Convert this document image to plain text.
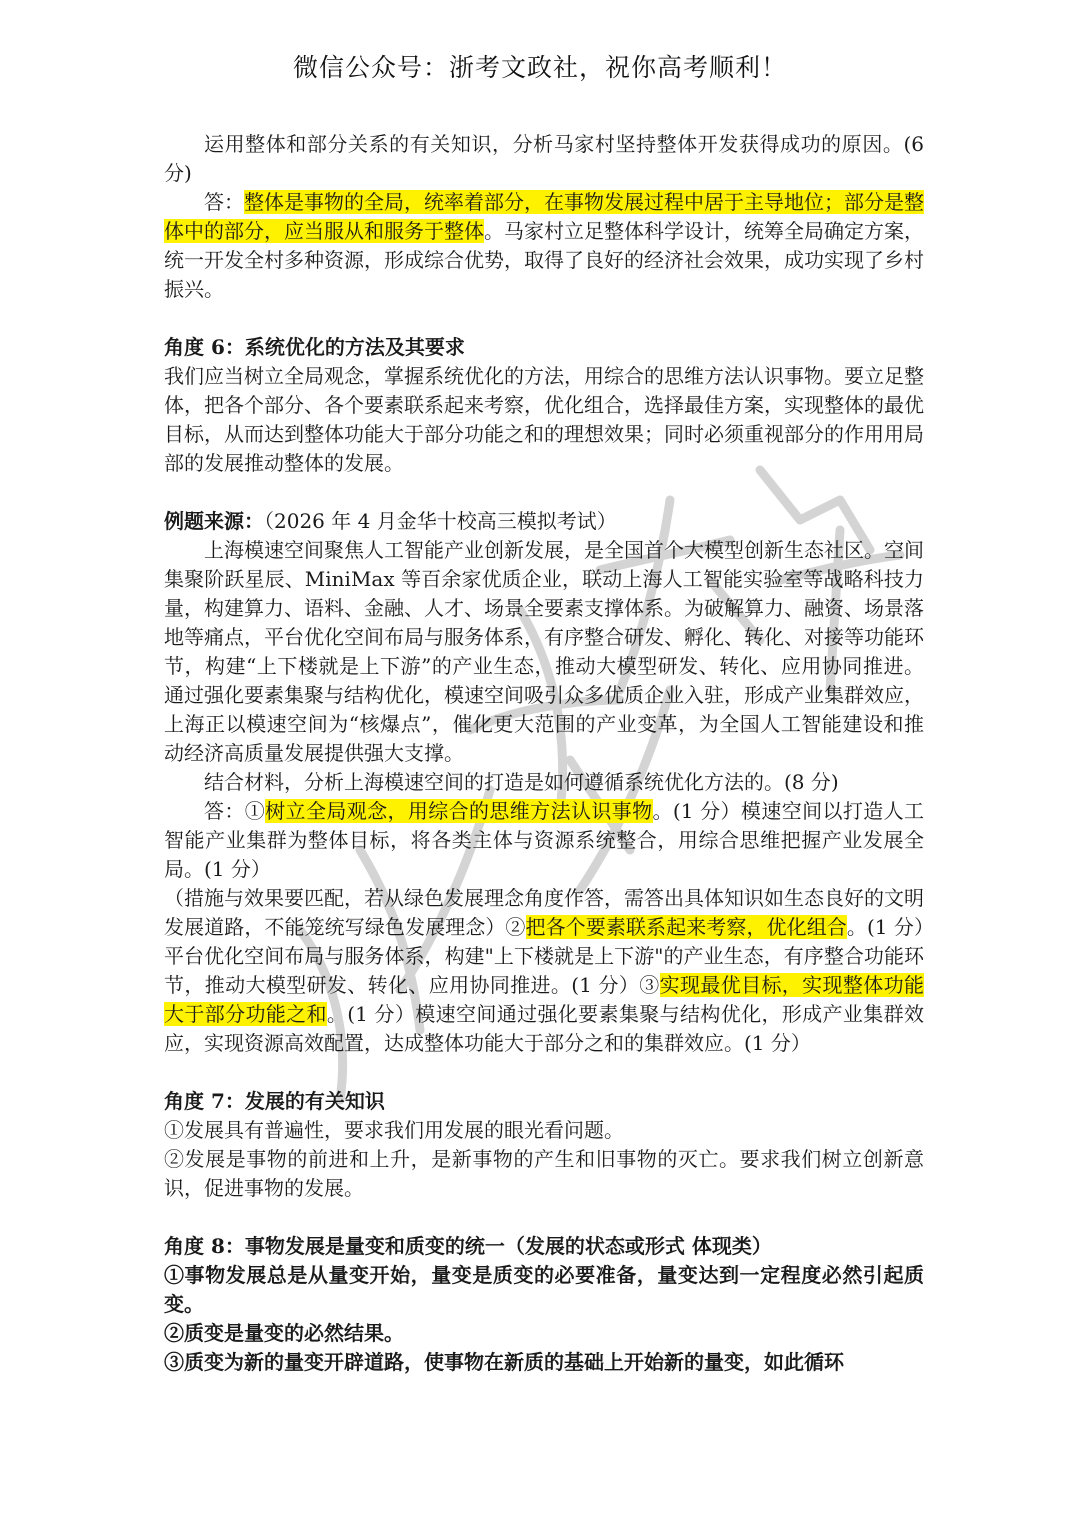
微信公众号：浙考文政社，祝你高考顺利！

运用整体和部分关系的有关知识，分析马家村坚持整体开发获得成功的原因。(6 分)

答：整体是事物的全局，统率着部分，在事物发展过程中居于主导地位；部分是整体中的部分，应当服从和服务于整体。马家村立足整体科学设计，统筹全局确定方案，统一开发全村多种资源，形成综合优势，取得了良好的经济社会效果，成功实现了乡村振兴。

角度 6：系统优化的方法及其要求

我们应当树立全局观念，掌握系统优化的方法，用综合的思维方法认识事物。要立足整体，把各个部分、各个要素联系起来考察，优化组合，选择最佳方案，实现整体的最优目标，从而达到整体功能大于部分功能之和的理想效果；同时必须重视部分的作用用局部的发展推动整体的发展。

例题来源：（2026 年 4 月金华十校高三模拟考试）

上海模速空间聚焦人工智能产业创新发展，是全国首个大模型创新生态社区。空间集聚阶跃星辰、MiniMax 等百余家优质企业，联动上海人工智能实验室等战略科技力量，构建算力、语料、金融、人才、场景全要素支撑体系。为破解算力、融资、场景落地等痛点，平台优化空间布局与服务体系，有序整合研发、孵化、转化、对接等功能环节，构建“上下楼就是上下游”的产业生态，推动大模型研发、转化、应用协同推进。通过强化要素集聚与结构优化，模速空间吸引众多优质企业入驻，形成产业集群效应，上海正以模速空间为“核爆点”，催化更大范围的产业变革，为全国人工智能建设和推动经济高质量发展提供强大支撑。

结合材料，分析上海模速空间的打造是如何遵循系统优化方法的。(8 分)

答：①树立全局观念，用综合的思维方法认识事物。(1 分）模速空间以打造人工智能产业集群为整体目标，将各类主体与资源系统整合，用综合思维把握产业发展全局。(1 分）

（措施与效果要匹配，若从绿色发展理念角度作答，需答出具体知识如生态良好的文明发展道路，不能笼统写绿色发展理念）②把各个要素联系起来考察，优化组合。(1 分）平台优化空间布局与服务体系，构建"上下楼就是上下游"的产业生态，有序整合功能环节，推动大模型研发、转化、应用协同推进。(1 分）③实现最优目标，实现整体功能大于部分功能之和。(1 分）模速空间通过强化要素集聚与结构优化，形成产业集群效应，实现资源高效配置，达成整体功能大于部分之和的集群效应。(1 分）

角度 7：发展的有关知识

①发展具有普遍性，要求我们用发展的眼光看问题。

②发展是事物的前进和上升，是新事物的产生和旧事物的灭亡。要求我们树立创新意识，促进事物的发展。

角度 8：事物发展是量变和质变的统一（发展的状态或形式 体现类）

①事物发展总是从量变开始，量变是质变的必要准备，量变达到一定程度必然引起质变。

②质变是量变的必然结果。

③质变为新的量变开辟道路，使事物在新质的基础上开始新的量变，如此循环
